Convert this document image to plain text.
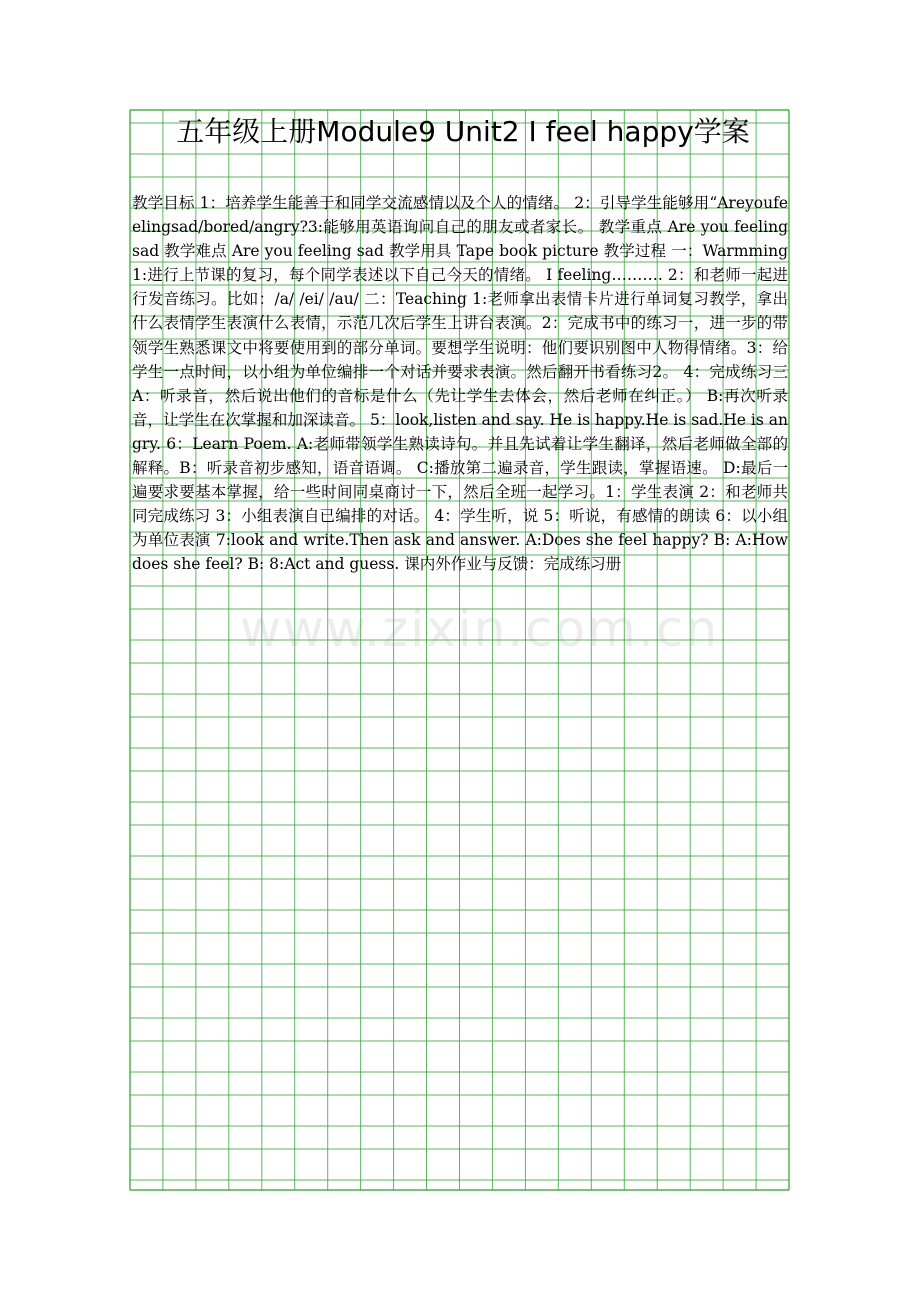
五年级上册Module9 Unit2 I feel happy学案

教学目标 1：培养学生能善于和同学交流感情以及个人的情绪。 2：引导学生能够用“Areyoufeelingsad/bored/angry?3:能够用英语询问自己的朋友或者家长。 教学重点 Are you feeling sad 教学难点 Are you feeling sad 教学用具 Tape book picture 教学过程 一：Warmming 1:进行上节课的复习，每个同学表述以下自己今天的情绪。 I feeling………. 2：和老师一起进行发音练习。比如：/a/ /ei/ /au/ 二：Teaching 1:老师拿出表情卡片进行单词复习教学，拿出什么表情学生表演什么表情，示范几次后学生上讲台表演。2：完成书中的练习一，进一步的带领学生熟悉课文中将要使用到的部分单词。要想学生说明：他们要识别图中人物得情绪。3：给学生一点时间，以小组为单位编排一个对话并要求表演。然后翻开书看练习2。 4：完成练习三 A：听录音，然后说出他们的音标是什么（先让学生去体会，然后老师在纠正。） B:再次听录音，让学生在次掌握和加深读音。 5：look,listen and say. He is happy.He is sad.He is angry. 6：Learn Poem. A:老师带领学生熟读诗句。并且先试着让学生翻译，然后老师做全部的解释。B：听录音初步感知，语音语调。 C:播放第二遍录音，学生跟读，掌握语速。 D:最后一遍要求要基本掌握，给一些时间同桌商讨一下，然后全班一起学习。1：学生表演 2：和老师共同完成练习 3：小组表演自已编排的对话。 4：学生听，说 5：听说，有感情的朗读 6：以小组为单位表演 7:look and write.Then ask and answer. A:Does she feel happy? B: A:How does she feel? B: 8:Act and guess. 课内外作业与反馈：完成练习册

www.zixin.com.cn
